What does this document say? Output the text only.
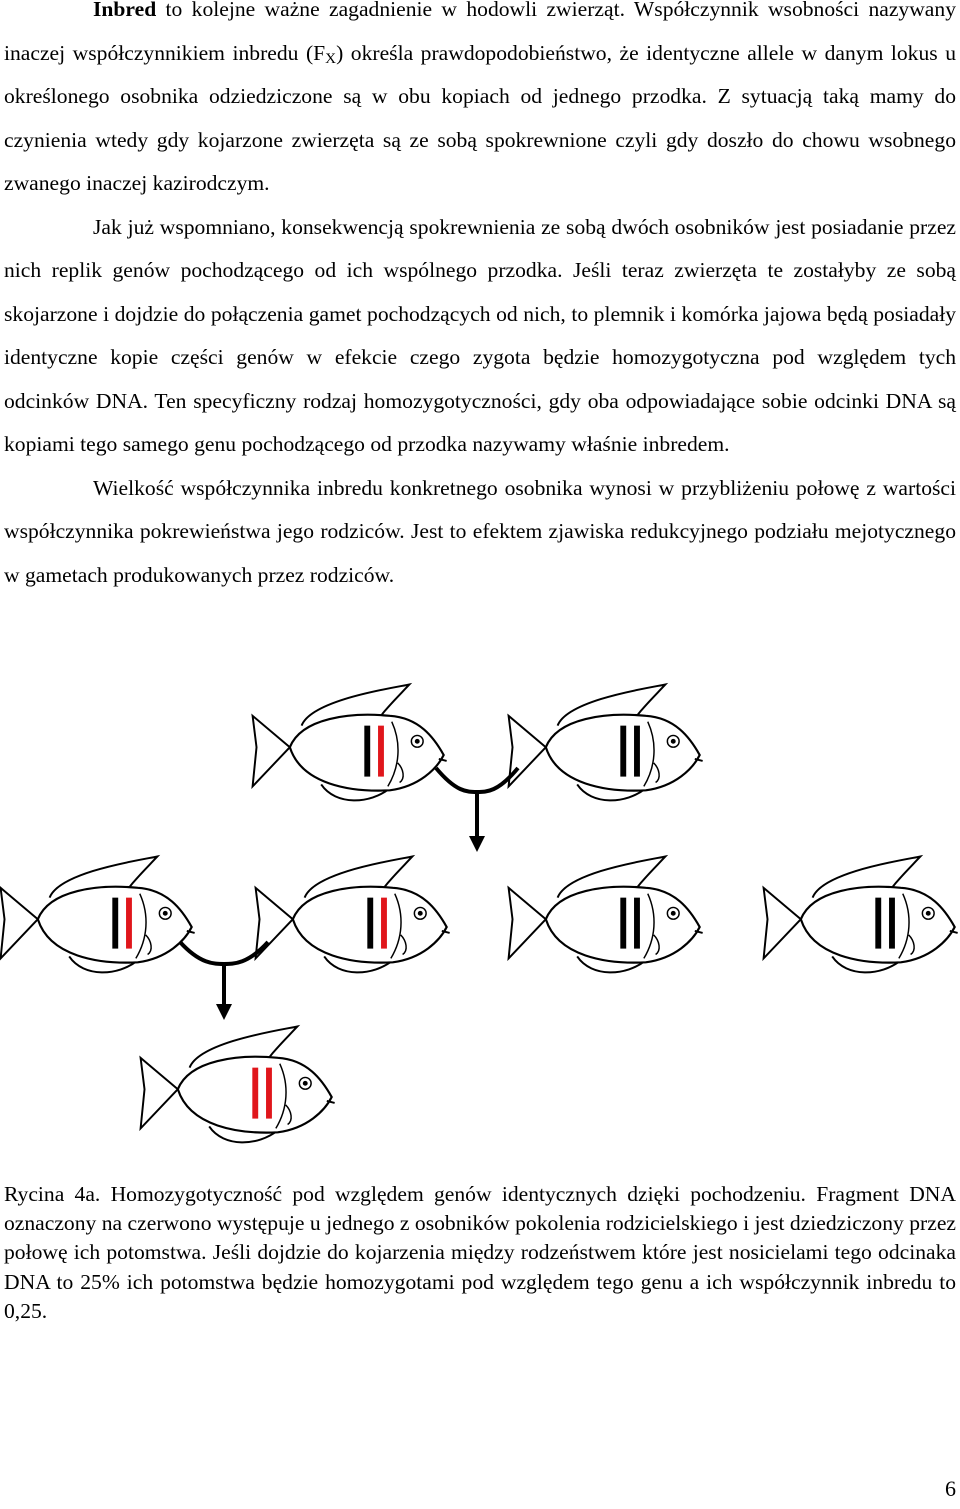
Inbred to kolejne ważne zagadnienie w hodowli zwierząt. Współczynnik wsobności nazywany inaczej współczynnikiem inbredu $(F_X)$ określa prawdopodobieństwo, że identyczne allele w danym lokus u określonego osobnika odziedziczone są w obu kopiach od jednego przodka. Z sytuacją taką mamy do czynienia wtedy gdy kojarzone zwierzęta są ze sobą spokrewnione czyli gdy doszło do chowu wsobnego zwanego inaczej kazirodczym.

Jak już wspomniano, konsekwencją spokrewnienia ze sobą dwóch osobników jest posiadanie przez nich replik genów pochodzącego od ich wspólnego przodka. Jeśli teraz zwierzęta te zostałyby ze sobą skojarzone i dojdzie do połączenia gamet pochodzących od nich, to plemnik i komórka jajowa będą posiadały identyczne kopie części genów w efekcie czego zygota będzie homozygotyczna pod względem tych odcinków DNA. Ten specyficzny rodzaj homozygotyczności, gdy oba odpowiadające sobie odcinki DNA są kopiami tego samego genu pochodzącego od przodka nazywamy właśnie inbredem.

Wielkość współczynnika inbredu konkretnego osobnika wynosi w przybliżeniu połowę z wartości współczynnika pokrewieństwa jego rodziców. Jest to efektem zjawiska redukcyjnego podziału mejotycznego w gametach produkowanych przez rodziców.

Rycina 4a. Homozygotyczność pod względem genów identycznych dzięki pochodzeniu. Fragment DNA oznaczony na czerwono występuje u jednego z osobników pokolenia rodzicielskiego i jest dziedziczony przez połowę ich potomstwa. Jeśli dojdzie do kojarzenia między rodzeństwem które jest nosicielami tego odcinaka DNA to 25% ich potomstwa będzie homozygotami pod względem tego genu a ich współczynnik inbredu to 0,25.

6
